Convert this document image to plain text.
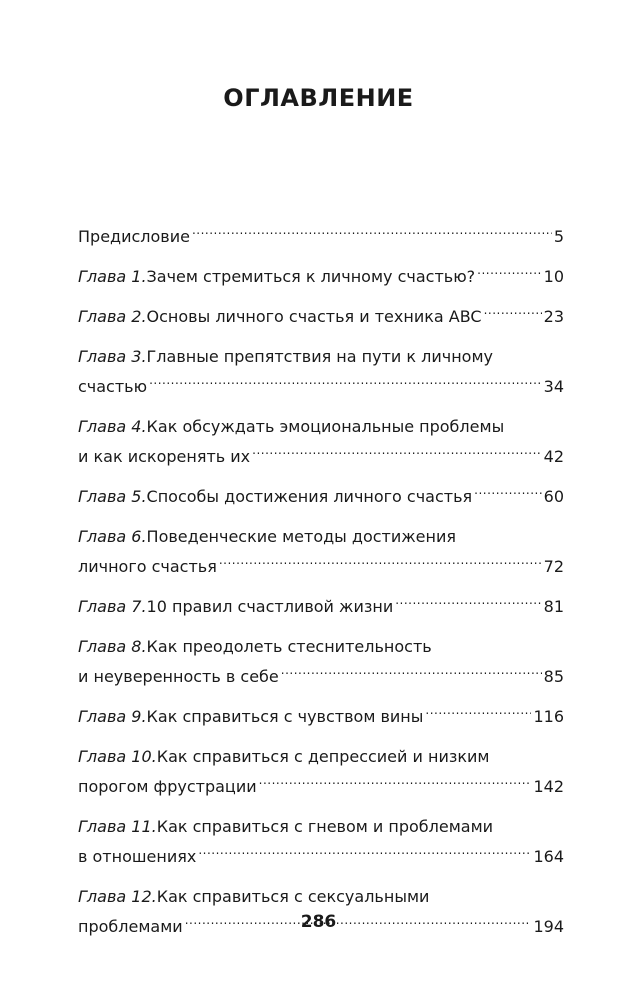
ОГЛАВЛЕНИЕ
Предисловие .....	5
Глава 1. Зачем стремиться к личному счастью? .....	10
Глава 2. Основы личного счастья и техника ABC .....	23
Глава 3. Главные препятствия на пути к личному
счастью .....	34
Глава 4. Как обсуждать эмоциональные проблемы
и как искоренять их .....	42
Глава 5. Способы достижения личного счастья .....	60
Глава 6. Поведенческие методы достижения
личного счастья .....	72
Глава 7. 10 правил счастливой жизни .....	81
Глава 8. Как преодолеть стеснительность
и неуверенность в себе .....	85
Глава 9. Как справиться с чувством вины .....	116
Глава 10. Как справиться с депрессией и низким
порогом фрустрации .....	142
Глава 11. Как справиться с гневом и проблемами
в отношениях .....	164
Глава 12. Как справиться с сексуальными
проблемами .....	194
286
